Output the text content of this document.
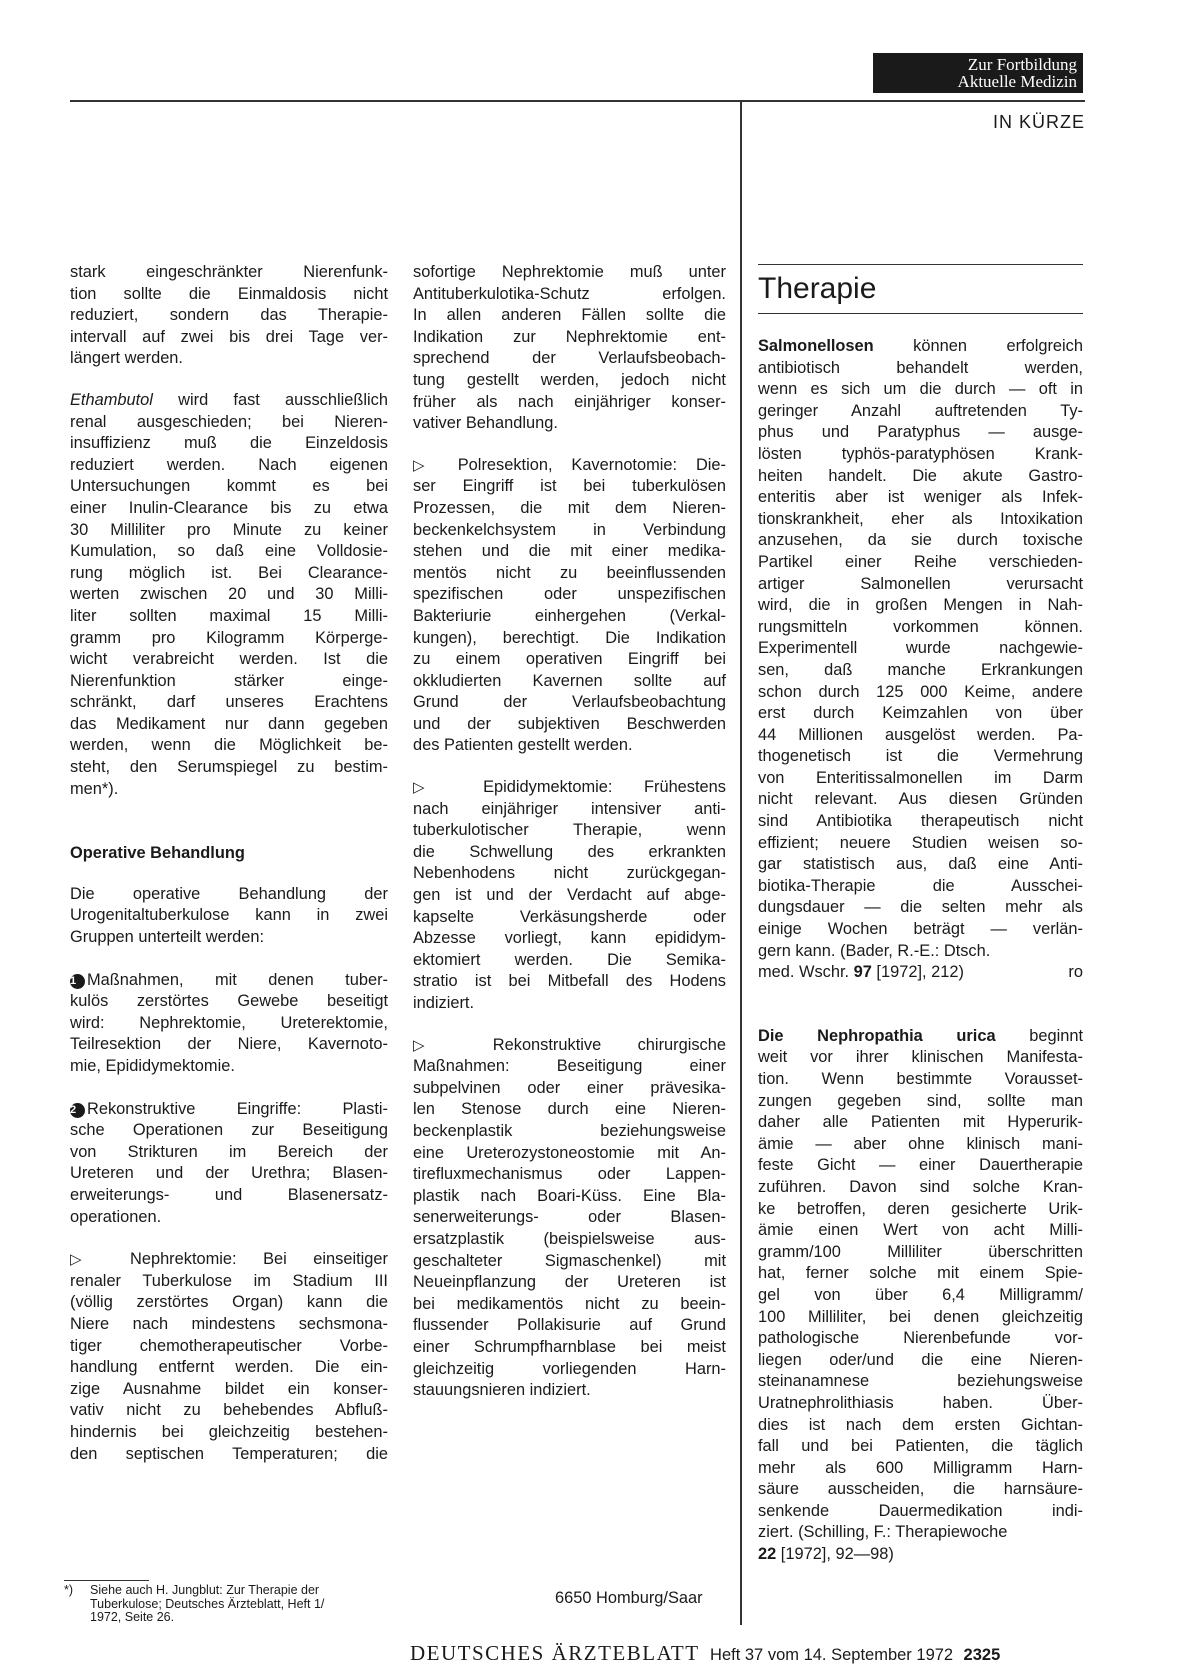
Zur Fortbildung
Aktuelle Medizin
IN KÜRZE

stark eingeschränkter Nierenfunk-
tion sollte die Einmaldosis nicht
reduziert, sondern das Therapie-
intervall auf zwei bis drei Tage ver-
längert werden.

Ethambutol wird fast ausschließlich
renal ausgeschieden; bei Nieren-
insuffizienz muß die Einzeldosis
reduziert werden. Nach eigenen
Untersuchungen kommt es bei
einer Inulin-Clearance bis zu etwa
30 Milliliter pro Minute zu keiner
Kumulation, so daß eine Volldosie-
rung möglich ist. Bei Clearance-
werten zwischen 20 und 30 Milli-
liter sollten maximal 15 Milli-
gramm pro Kilogramm Körperge-
wicht verabreicht werden. Ist die
Nierenfunktion stärker einge-
schränkt, darf unseres Erachtens
das Medikament nur dann gegeben
werden, wenn die Möglichkeit be-
steht, den Serumspiegel zu bestim-
men*).

Operative Behandlung

Die operative Behandlung der
Urogenitaltuberkulose kann in zwei
Gruppen unterteilt werden:

1 Maßnahmen, mit denen tuber-
kulös zerstörtes Gewebe beseitigt
wird: Nephrektomie, Ureterektomie,
Teilresektion der Niere, Kavernoto-
mie, Epididymektomie.

2 Rekonstruktive Eingriffe: Plasti-
sche Operationen zur Beseitigung
von Strikturen im Bereich der
Ureteren und der Urethra; Blasen-
erweiterungs- und Blasenersatz-
operationen.

▷ Nephrektomie: Bei einseitiger
renaler Tuberkulose im Stadium III
(völlig zerstörtes Organ) kann die
Niere nach mindestens sechsmona-
tiger chemotherapeutischer Vorbe-
handlung entfernt werden. Die ein-
zige Ausnahme bildet ein konser-
vativ nicht zu behebendes Abfluß-
hindernis bei gleichzeitig bestehen-
den septischen Temperaturen; die

sofortige Nephrektomie muß unter
Antituberkulotika-Schutz erfolgen.
In allen anderen Fällen sollte die
Indikation zur Nephrektomie ent-
sprechend der Verlaufsbeobach-
tung gestellt werden, jedoch nicht
früher als nach einjähriger konser-
vativer Behandlung.

▷ Polresektion, Kavernotomie: Die-
ser Eingriff ist bei tuberkulösen
Prozessen, die mit dem Nieren-
beckenkelchsystem in Verbindung
stehen und die mit einer medika-
mentös nicht zu beeinflussenden
spezifischen oder unspezifischen
Bakteriurie einhergehen (Verkal-
kungen), berechtigt. Die Indikation
zu einem operativen Eingriff bei
okkludierten Kavernen sollte auf
Grund der Verlaufsbeobachtung
und der subjektiven Beschwerden
des Patienten gestellt werden.

▷ Epididymektomie: Frühestens
nach einjähriger intensiver anti-
tuberkulotischer Therapie, wenn
die Schwellung des erkrankten
Nebenhodens nicht zurückgegan-
gen ist und der Verdacht auf abge-
kapselte Verkäsungsherde oder
Abzesse vorliegt, kann epididym-
ektomiert werden. Die Semika-
stratio ist bei Mitbefall des Hodens
indiziert.

▷ Rekonstruktive chirurgische
Maßnahmen: Beseitigung einer
subpelvinen oder einer prävesika-
len Stenose durch eine Nieren-
beckenplastik beziehungsweise
eine Ureterozystoneostomie mit An-
tirefluxmechanismus oder Lappen-
plastik nach Boari-Küss. Eine Bla-
senerweiterungs- oder Blasen-
ersatzplastik (beispielsweise aus-
geschalteter Sigmaschenkel) mit
Neueinpflanzung der Ureteren ist
bei medikamentös nicht zu beein-
flussender Pollakisurie auf Grund
einer Schrumpfharnblase bei meist
gleichzeitig vorliegenden Harn-
stauungsnieren indiziert.

Therapie

Salmonellosen können erfolgreich
antibiotisch behandelt werden,
wenn es sich um die durch — oft in
geringer Anzahl auftretenden Ty-
phus und Paratyphus — ausge-
lösten typhös-paratyphösen Krank-
heiten handelt. Die akute Gastro-
enteritis aber ist weniger als Infek-
tionskrankheit, eher als Intoxikation
anzusehen, da sie durch toxische
Partikel einer Reihe verschieden-
artiger Salmonellen verursacht
wird, die in großen Mengen in Nah-
rungsmitteln vorkommen können.
Experimentell wurde nachgewie-
sen, daß manche Erkrankungen
schon durch 125 000 Keime, andere
erst durch Keimzahlen von über
44 Millionen ausgelöst werden. Pa-
thogenetisch ist die Vermehrung
von Enteritissalmonellen im Darm
nicht relevant. Aus diesen Gründen
sind Antibiotika therapeutisch nicht
effizient; neuere Studien weisen so-
gar statistisch aus, daß eine Anti-
biotika-Therapie die Ausschei-
dungsdauer — die selten mehr als
einige Wochen beträgt — verlän-
gern kann. (Bader, R.-E.: Dtsch.
med. Wschr. 97 [1972], 212)	ro

Die Nephropathia urica beginnt
weit vor ihrer klinischen Manifesta-
tion. Wenn bestimmte Vorausset-
zungen gegeben sind, sollte man
daher alle Patienten mit Hyperurik-
ämie — aber ohne klinisch mani-
feste Gicht — einer Dauertherapie
zuführen. Davon sind solche Kran-
ke betroffen, deren gesicherte Urik-
ämie einen Wert von acht Milli-
gramm/100 Milliliter überschritten
hat, ferner solche mit einem Spie-
gel von über 6,4 Milligramm/
100 Milliliter, bei denen gleichzeitig
pathologische Nierenbefunde vor-
liegen oder/und die eine Nieren-
steinanamnese beziehungsweise
Uratnephrolithiasis haben. Über-
dies ist nach dem ersten Gichtan-
fall und bei Patienten, die täglich
mehr als 600 Milligramm Harn-
säure ausscheiden, die harnsäure-
senkende Dauermedikation indi-
ziert. (Schilling, F.: Therapiewoche
22 [1972], 92—98)

*) Siehe auch H. Jungblut: Zur Therapie der
Tuberkulose; Deutsches Ärzteblatt, Heft 1/
1972, Seite 26.
6650 Homburg/Saar
DEUTSCHES ÄRZTEBLATT Heft 37 vom 14. September 1972 2325
